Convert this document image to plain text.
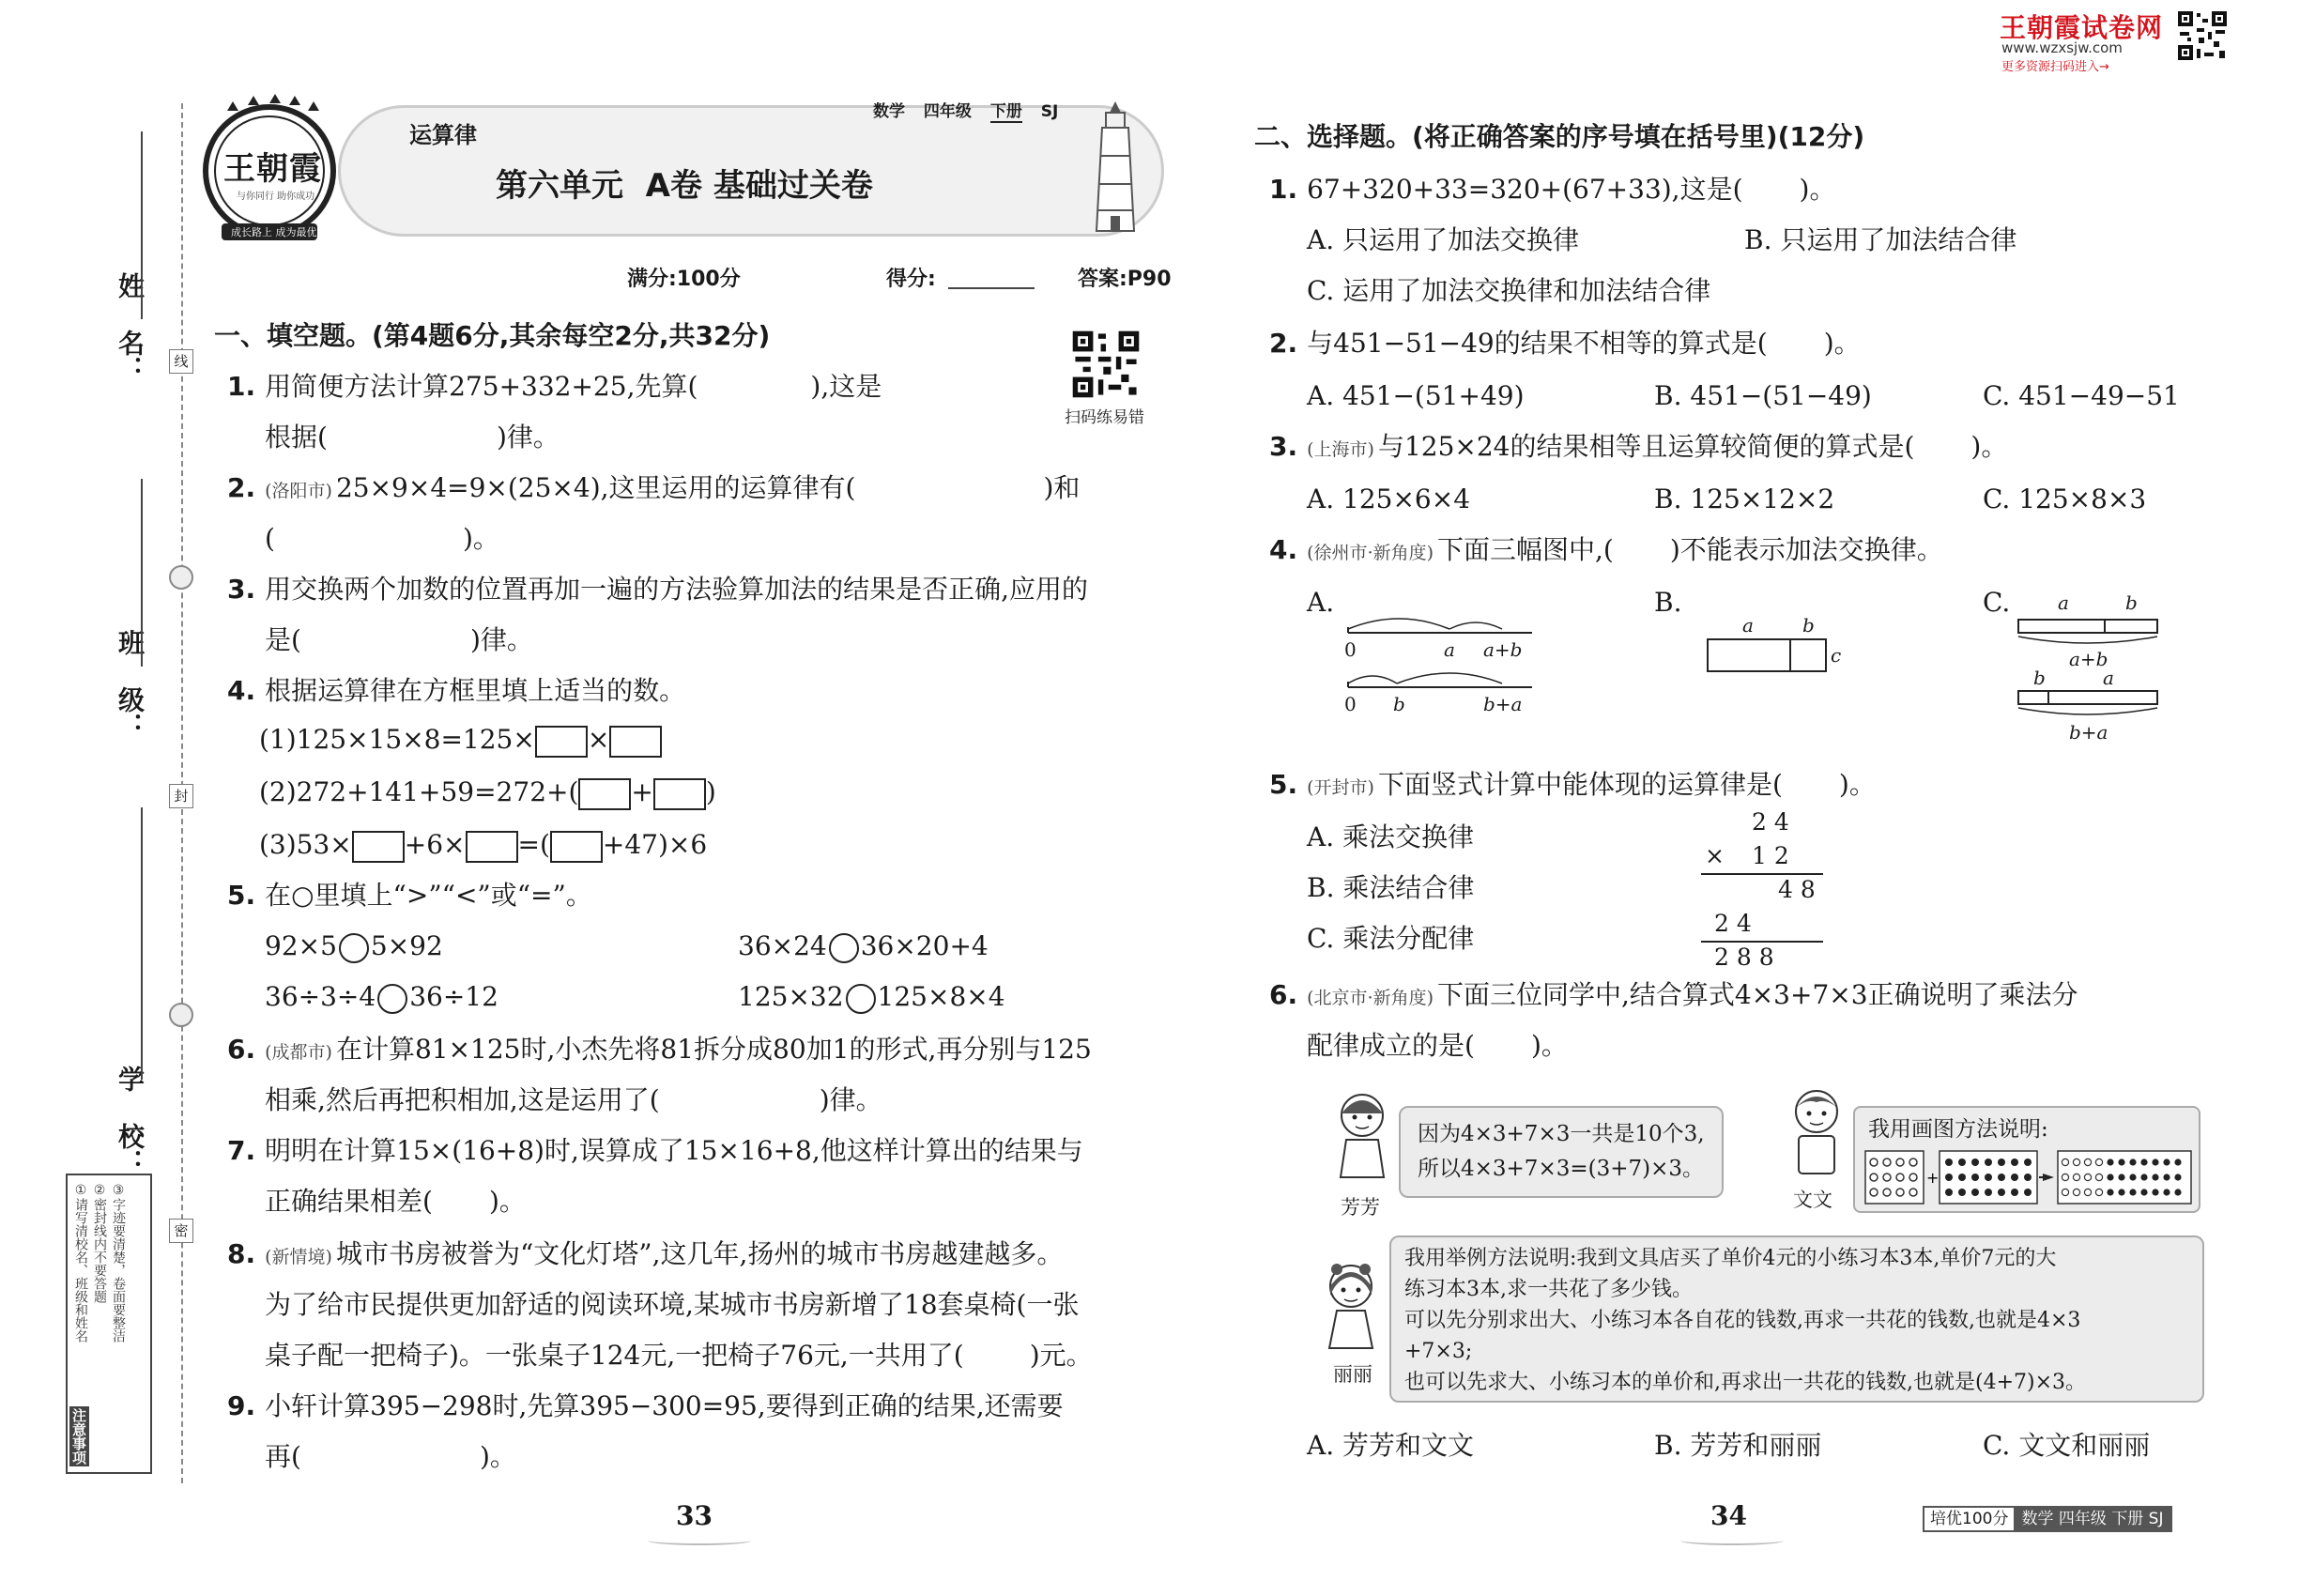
王朝霞试卷网
www.wzxsjw.com
更多资源扫码进入→
姓 名：
班 级：
学 校：
线
封
密
①请写清校名、班级和姓名 ②密封线内不要答题 ③字迹要清楚，卷面要整洁
注意事项
王朝霞
成长路上 成为最优
与你同行 助你成功
运算律
数学 四年级 下册 SJ
第六单元  A卷 基础过关卷
满分:100分	得分:	答案:P90
扫码练易错
一、填空题。(第4题6分,其余每空2分,共32分)
1. 用简便方法计算275+332+25,先算(	),这是
根据(	)律。
2. (洛阳市) 25×9×4=9×(25×4),这里运用的运算律有(	)和
(	)。
3. 用交换两个加数的位置再加一遍的方法验算加法的结果是否正确,应用的
是(	)律。
4. 根据运算律在方框里填上适当的数。
(1)125×15×8=125× ×
(2)272+141+59=272+( + )
(3)53× +6× =( +47)×6
5. 在○里填上“>”“<”或“=”。
92×5 5×92	36×24 36×20+4
36÷3÷4 36÷12	125×32 125×8×4
6. (成都市) 在计算81×125时,小杰先将81拆分成80加1的形式,再分别与125
相乘,然后再把积相加,这是运用了(	)律。
7. 明明在计算15×(16+8)时,误算成了15×16+8,他这样计算出的结果与
正确结果相差( )。
8. (新情境) 城市书房被誉为“文化灯塔”,这几年,扬州的城市书房越建越多。
为了给市民提供更加舒适的阅读环境,某城市书房新增了18套桌椅(一张
桌子配一把椅子)。一张桌子124元,一把椅子76元,一共用了(	)元。
9. 小轩计算395−298时,先算395−300=95,要得到正确的结果,还需要
再(	)。
33
二、选择题。(将正确答案的序号填在括号里)(12分)
1. 67+320+33=320+(67+33),这是( )。
A. 只运用了加法交换律	B. 只运用了加法结合律
C. 运用了加法交换律和加法结合律
2. 与451−51−49的结果不相等的算式是( )。
A. 451−(51+49)	B. 451−(51−49)	C. 451−49−51
3. (上海市) 与125×24的结果相等且运算较简便的算式是( )。
A. 125×6×4	B. 125×12×2	C. 125×8×3
4. (徐州市·新角度) 下面三幅图中,( )不能表示加法交换律。
A.	B.	C.
0	a a+b
0 b	b+a
a	b
c
a	b
a+b
b	a
b+a
5. (开封市) 下面竖式计算中能体现的运算律是( )。
A. 乘法交换律
B. 乘法结合律
C. 乘法分配律
2 4
× 1 2
4 8
2 4
2 8 8
6. (北京市·新角度) 下面三位同学中,结合算式4×3+7×3正确说明了乘法分
配律成立的是( )。
芳芳
因为4×3+7×3一共是10个3,
所以4×3+7×3=(3+7)×3。
文文
我用画图方法说明:
+
丽丽
我用举例方法说明:我到文具店买了单价4元的小练习本3本,单价7元的大
练习本3本,求一共花了多少钱。
可以先分别求出大、小练习本各自花的钱数,再求一共花的钱数,也就是4×3
+7×3;
也可以先求大、小练习本的单价和,再求出一共花的钱数,也就是(4+7)×3。
A. 芳芳和文文	B. 芳芳和丽丽	C. 文文和丽丽
34	培优100分 数学 四年级 下册 SJ
